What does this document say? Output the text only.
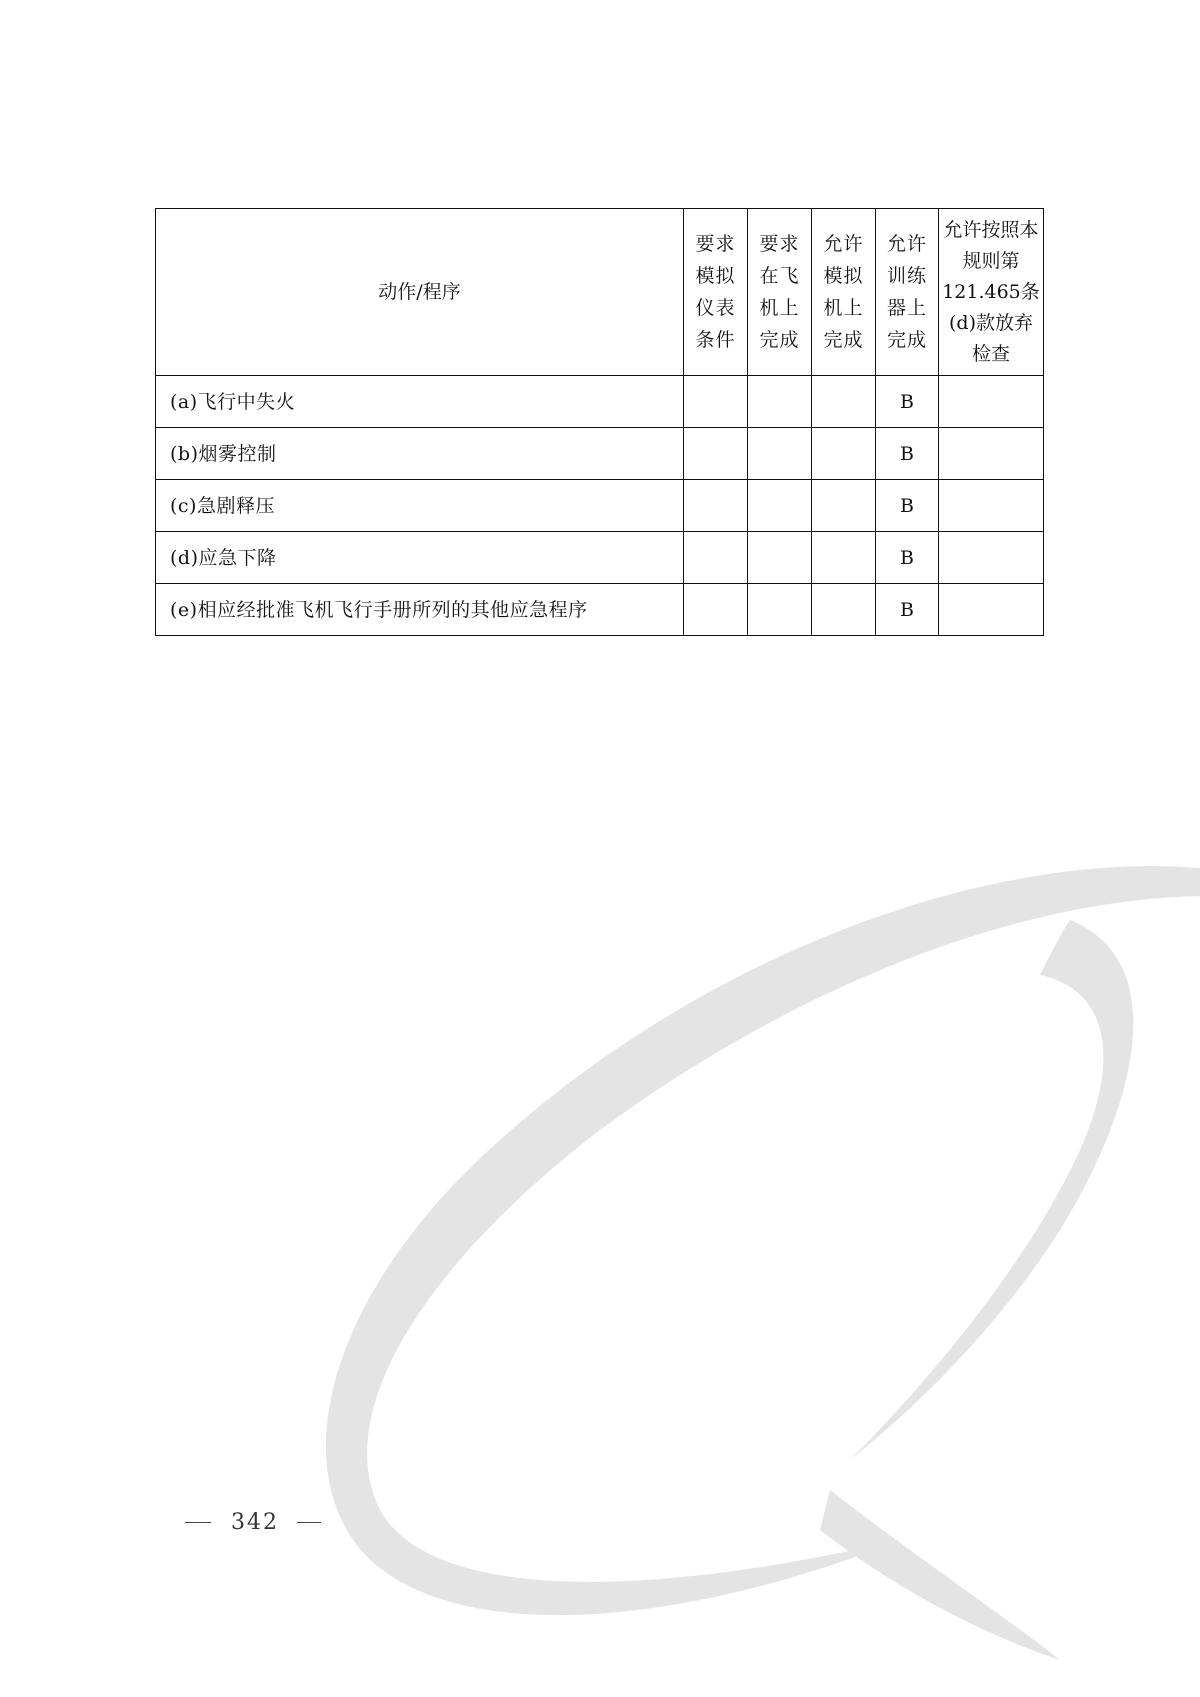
动作/程序	要求模拟仪表条件	要求在飞机上完成	允许模拟机上完成	允许训练器上完成	允许按照本规则第121.465条(d)款放弃检查
(a)飞行中失火				B	
(b)烟雾控制				B	
(c)急剧释压				B	
(d)应急下降				B	
(e)相应经批准飞机飞行手册所列的其他应急程序				B	
342
